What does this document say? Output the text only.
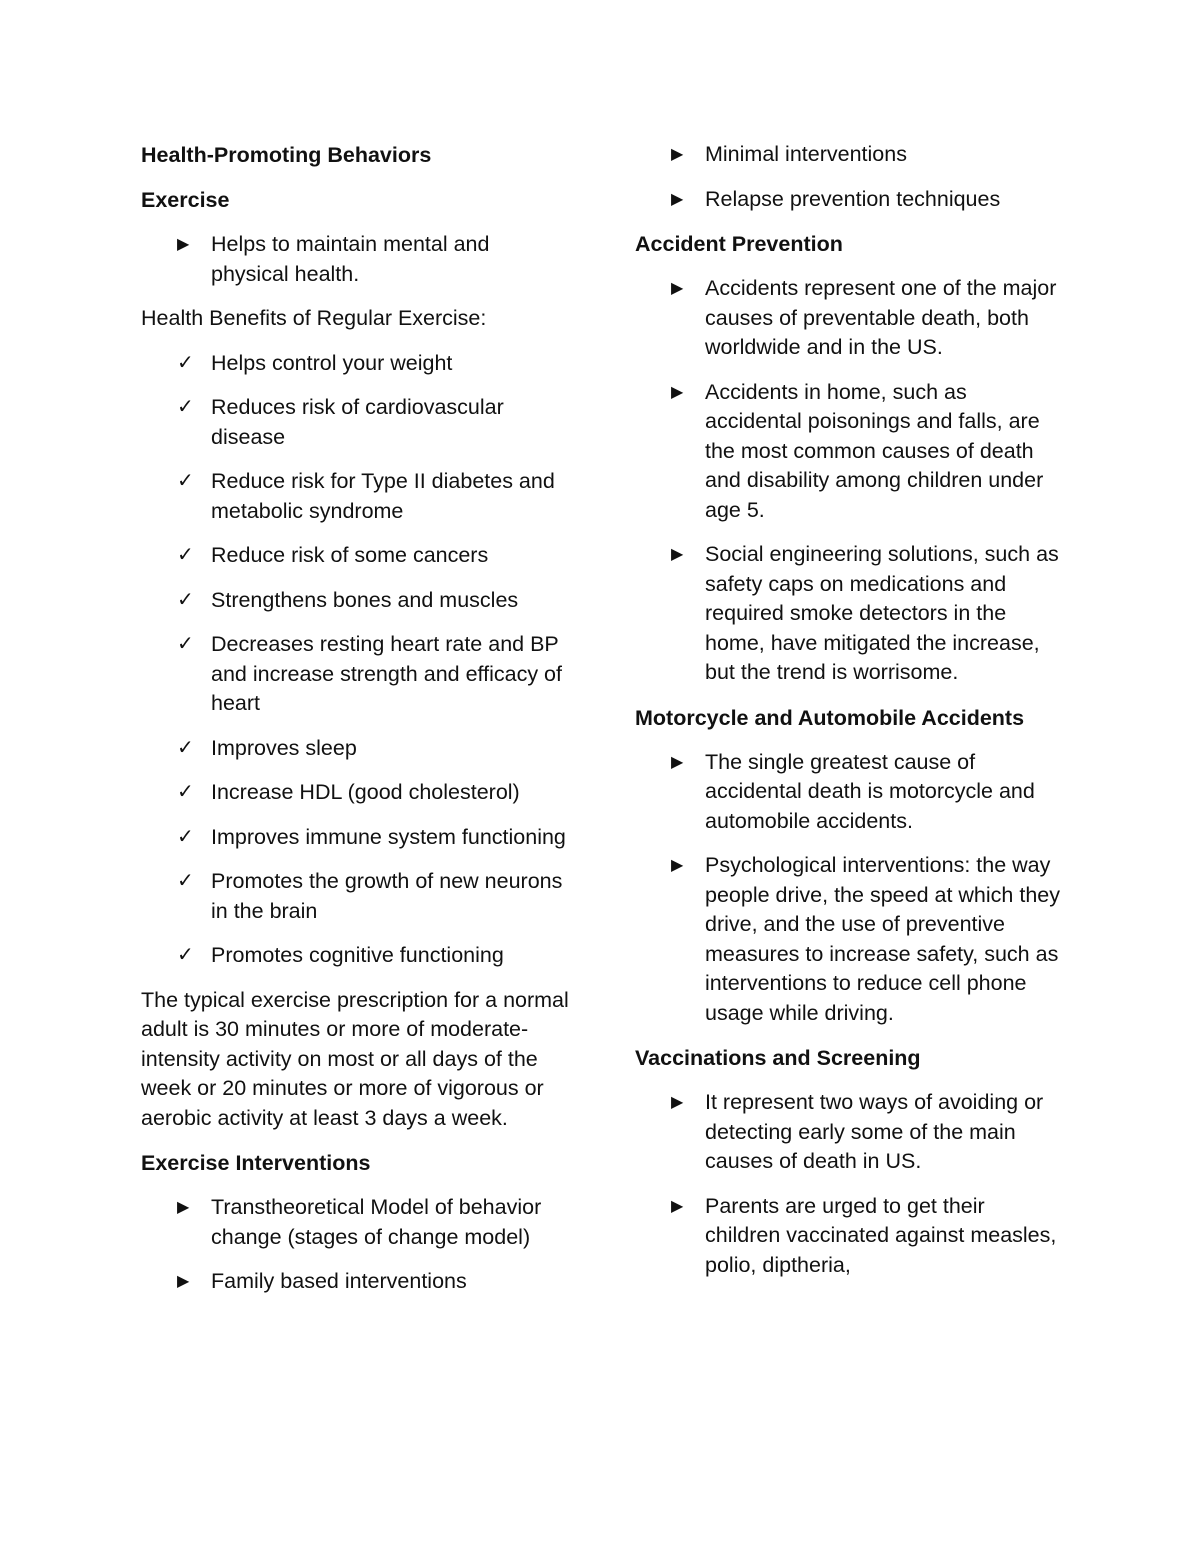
Health-Promoting Behaviors
Exercise
▶ Helps to maintain mental and physical health.
Health Benefits of Regular Exercise:
✓ Helps control your weight
✓ Reduces risk of cardiovascular disease
✓ Reduce risk for Type II diabetes and metabolic syndrome
✓ Reduce risk of some cancers
✓ Strengthens bones and muscles
✓ Decreases resting heart rate and BP and increase strength and efficacy of heart
✓ Improves sleep
✓ Increase HDL (good cholesterol)
✓ Improves immune system functioning
✓ Promotes the growth of new neurons in the brain
✓ Promotes cognitive functioning
The typical exercise prescription for a normal adult is 30 minutes or more of moderate-intensity activity on most or all days of the week or 20 minutes or more of vigorous or aerobic activity at least 3 days a week.
Exercise Interventions
▶ Transtheoretical Model of behavior change (stages of change model)
▶ Family based interventions
▶ Minimal interventions
▶ Relapse prevention techniques
Accident Prevention
▶ Accidents represent one of the major causes of preventable death, both worldwide and in the US.
▶ Accidents in home, such as accidental poisonings and falls, are the most common causes of death and disability among children under age 5.
▶ Social engineering solutions, such as safety caps on medications and required smoke detectors in the home, have mitigated the increase, but the trend is worrisome.
Motorcycle and Automobile Accidents
▶ The single greatest cause of accidental death is motorcycle and automobile accidents.
▶ Psychological interventions: the way people drive, the speed at which they drive, and the use of preventive measures to increase safety, such as interventions to reduce cell phone usage while driving.
Vaccinations and Screening
▶ It represent two ways of avoiding or detecting early some of the main causes of death in US.
▶ Parents are urged to get their children vaccinated against measles, polio, diptheria,
